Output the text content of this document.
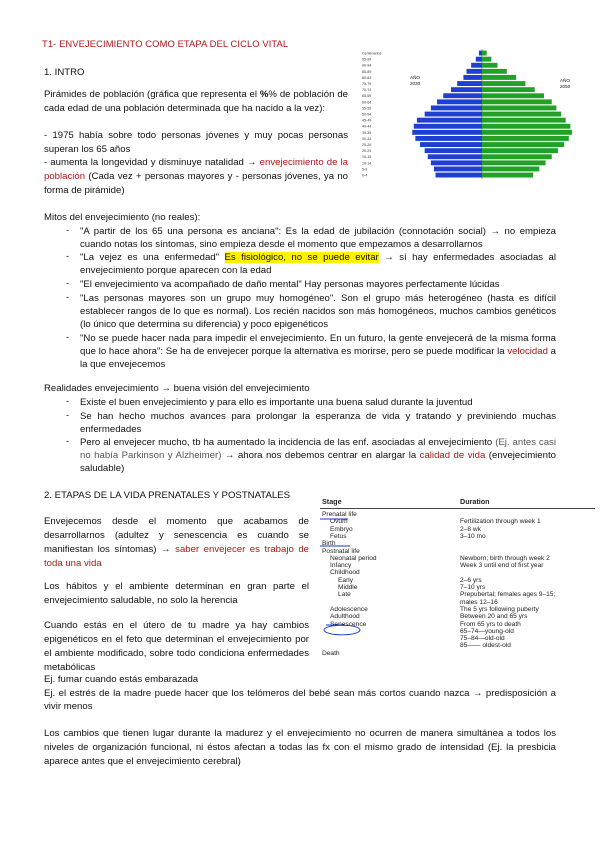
T1- ENVEJECIMIENTO COMO ETAPA DEL CICLO VITAL
1. INTRO
Pirámides de población (gráfica que representa el %% de población de cada edad de una población determinada que ha nacido a la vez):
- 1975 había sobre todo personas jóvenes y muy pocas personas superan los 65 años
- aumenta la longevidad y disminuye natalidad → envejecimiento de la población (Cada vez + personas mayores y - personas jóvenes, ya no forma de pirámide)
Centenarios
95-99
90-94
85-89
80-84
75-79
70-74
65-69
60-64
55-59
50-54
45-49
40-44
35-39
30-34
25-29
20-24
15-19
10-14
5-9
0-4
AÑO
2030
AÑO
2050
Mitos del envejecimiento (no reales):
- "A partir de los 65 una persona es anciana": Es la edad de jubilación (connotación social) → no empieza cuando notas los síntomas, sino empieza desde el momento que empezamos a desarrollarnos
- "La vejez es una enfermedad" Es fisiológico, no se puede evitar → sí hay enfermedades asociadas al envejecimiento porque aparecen con la edad
- "El envejecimiento va acompañado de daño mental" Hay personas mayores perfectamente lúcidas
- "Las personas mayores son un grupo muy homogéneo". Son el grupo más heterogéneo (hasta es difícil establecer rangos de lo que es normal). Los recién nacidos son más homogéneos, muchos cambios genéticos (lo único que determina su diferencia) y poco epigenéticos
- "No se puede hacer nada para impedir el envejecimiento. En un futuro, la gente envejecerá de la misma forma que lo hace ahora": Se ha de envejecer porque la alternativa es morirse, pero se puede modificar la velocidad a la que envejecemos
Realidades envejecimiento → buena visión del envejecimiento
- Existe el buen envejecimiento y para ello es importante una buena salud durante la juventud
- Se han hecho muchos avances para prolongar la esperanza de vida y tratando y previniendo muchas enfermedades
- Pero al envejecer mucho, tb ha aumentado la incidencia de las enf. asociadas al envejecimiento (Ej. antes casi no había Parkinson y Alzheimer) → ahora nos debemos centrar en alargar la calidad de vida (envejecimiento saludable)
2. ETAPAS DE LA VIDA PRENATALES Y POSTNATALES
Envejecemos desde el momento que acabamos de desarrollarnos (adultez y senescencia es cuando se manifiestan los síntomas) → saber envejecer es trabajo de toda una vida
Los hábitos y el ambiente determinan en gran parte el envejecimiento saludable, no solo la herencia
Cuando estás en el útero de tu madre ya hay cambios epigenéticos en el feto que determinan el envejecimiento por el ambiente modificado, sobre todo condiciona enfermedades metabólicas
Ej. fumar cuando estás embarazada
Ej. el estrés de la madre puede hacer que los telómeros del bebé sean más cortos cuando nazca → predisposición a vivir menos
Los cambios que tienen lugar durante la madurez y el envejecimiento no ocurren de manera simultánea a todos los niveles de organización funcional, ni éstos afectan a todas las fx con el mismo grado de intensidad (Ej. la presbicia aparece antes que el envejecimiento cerebral)
Stage	Duration
Prenatal life
Ovum	Fertilization through week 1
Embryo	2–8 wk
Fetus	3–10 mo
Birth
Postnatal life
Neonatal period	Newborn; birth through week 2
Infancy	Week 3 until end of first year
Childhood
Early	2–6 yrs
Middle	7–10 yrs
Late	Prepubertal; females ages 9–15;
males 12–16
Adolescence	The 5 yrs following puberty
Adulthood	Between 20 and 65 yrs
Senescence	From 65 yrs to death
65–74—young-old
75–84—old-old
85—— oldest-old
Death
